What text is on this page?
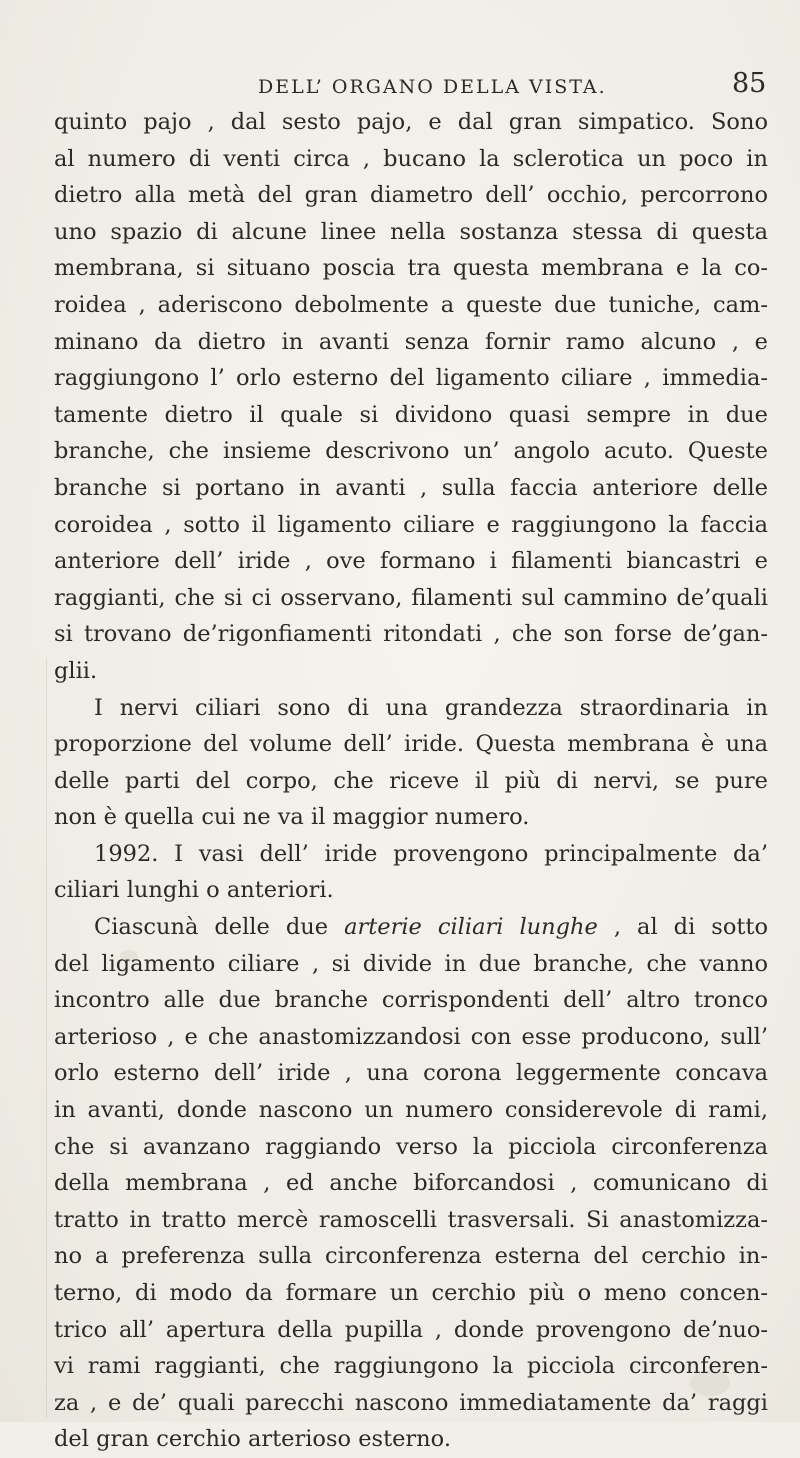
DELL’ ORGANO DELLA VISTA.	85
quinto pajo , dal sesto pajo, e dal gran simpatico. Sono
al numero di venti circa , bucano la sclerotica un poco in
dietro alla metà del gran diametro dell’ occhio, percorrono
uno spazio di alcune linee nella sostanza stessa di questa
membrana, si situano poscia tra questa membrana e la co-
roidea , aderiscono debolmente a queste due tuniche, cam-
minano da dietro in avanti senza fornir ramo alcuno , e
raggiungono l’ orlo esterno del ligamento ciliare , immedia-
tamente dietro il quale si dividono quasi sempre in due
branche, che insieme descrivono un’ angolo acuto. Queste
branche si portano in avanti , sulla faccia anteriore delle
coroidea , sotto il ligamento ciliare e raggiungono la faccia
anteriore dell’ iride , ove formano i filamenti biancastri e
raggianti, che si ci osservano, filamenti sul cammino de’quali
si trovano de’rigonfiamenti ritondati , che son forse de’gan-
glii.
I nervi ciliari sono di una grandezza straordinaria in
proporzione del volume dell’ iride. Questa membrana è una
delle parti del corpo, che riceve il più di nervi, se pure
non è quella cui ne va il maggior numero.
1992. I vasi dell’ iride provengono principalmente da’
ciliari lunghi o anteriori.
Ciascunà delle due arterie ciliari lunghe , al di sotto
del ligamento ciliare , si divide in due branche, che vanno
incontro alle due branche corrispondenti dell’ altro tronco
arterioso , e che anastomizzandosi con esse producono, sull’
orlo esterno dell’ iride , una corona leggermente concava
in avanti, donde nascono un numero considerevole di rami,
che si avanzano raggiando verso la picciola circonferenza
della membrana , ed anche biforcandosi , comunicano di
tratto in tratto mercè ramoscelli trasversali. Si anastomizza-
no a preferenza sulla circonferenza esterna del cerchio in-
terno, di modo da formare un cerchio più o meno concen-
trico all’ apertura della pupilla , donde provengono de’nuo-
vi rami raggianti, che raggiungono la picciola circonferen-
za , e de’ quali parecchi nascono immediatamente da’ raggi
del gran cerchio arterioso esterno.
